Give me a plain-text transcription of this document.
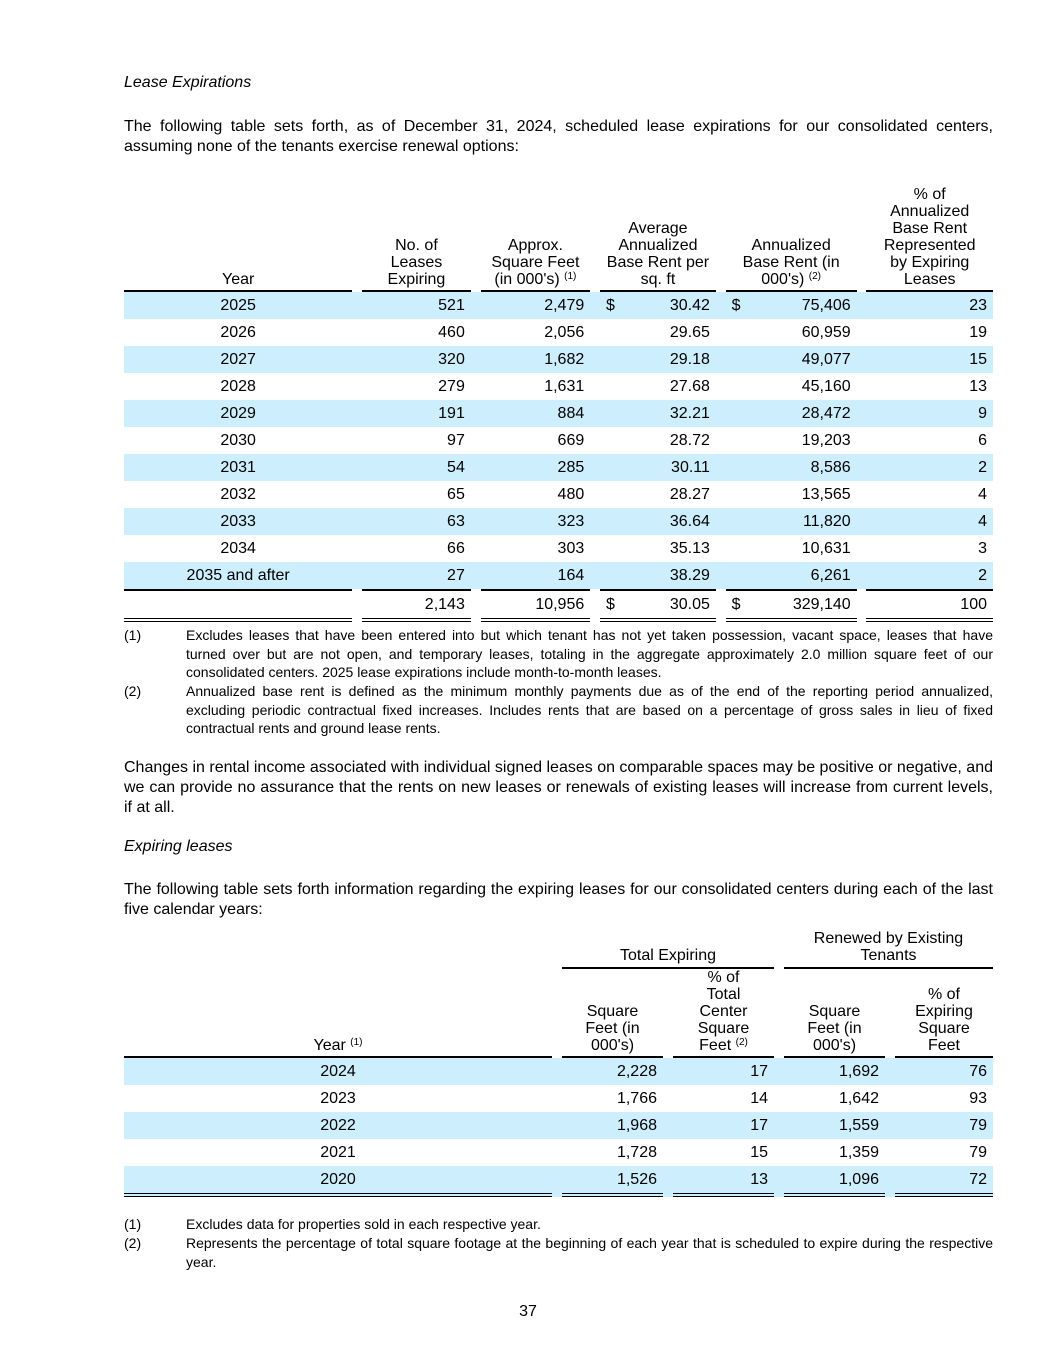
Lease Expirations
The following table sets forth, as of December 31, 2024, scheduled lease expirations for our consolidated centers, assuming none of the tenants exercise renewal options:
Year		No. of Leases Expiring		Approx. Square Feet (in 000's) $^{(1)}$		Average Annualized Base Rent per sq. ft			Annualized Base Rent (in 000's) $^{(2)}$			% of Annualized Base Rent Represented by Expiring Leases
2025		521		2,479		$	30.42		$	75,406		23
2026		460		2,056			29.65			60,959		19
2027		320		1,682			29.18			49,077		15
2028		279		1,631			27.68			45,160		13
2029		191		884			32.21			28,472		9
2030		97		669			28.72			19,203		6
2031		54		285			30.11			8,586		2
2032		65		480			28.27			13,565		4
2033		63		323			36.64			11,820		4
2034		66		303			35.13			10,631		3
2035 and after		27		164			38.29			6,261		2
		2,143		10,956		$	30.05		$	329,140		100
(1)	Excludes leases that have been entered into but which tenant has not yet taken possession, vacant space, leases that have turned over but are not open, and temporary leases, totaling in the aggregate approximately 2.0 million square feet of our consolidated centers. 2025 lease expirations include month-to-month leases.
(2)	Annualized base rent is defined as the minimum monthly payments due as of the end of the reporting period annualized, excluding periodic contractual fixed increases. Includes rents that are based on a percentage of gross sales in lieu of fixed contractual rents and ground lease rents.
Changes in rental income associated with individual signed leases on comparable spaces may be positive or negative, and we can provide no assurance that the rents on new leases or renewals of existing leases will increase from current levels, if at all.
Expiring leases
The following table sets forth information regarding the expiring leases for our consolidated centers during each of the last five calendar years:
		Total Expiring				Renewed by Existing Tenants		
Year $^{(1)}$		Square Feet (in 000's)		% of Total Center Square Feet $^{(2)}$		Square Feet (in 000's)		% of Expiring Square Feet
2024		2,228		17		1,692		76
2023		1,766		14		1,642		93
2022		1,968		17		1,559		79
2021		1,728		15		1,359		79
2020		1,526		13		1,096		72
(1)	Excludes data for properties sold in each respective year.
(2)	Represents the percentage of total square footage at the beginning of each year that is scheduled to expire during the respective year.
37
